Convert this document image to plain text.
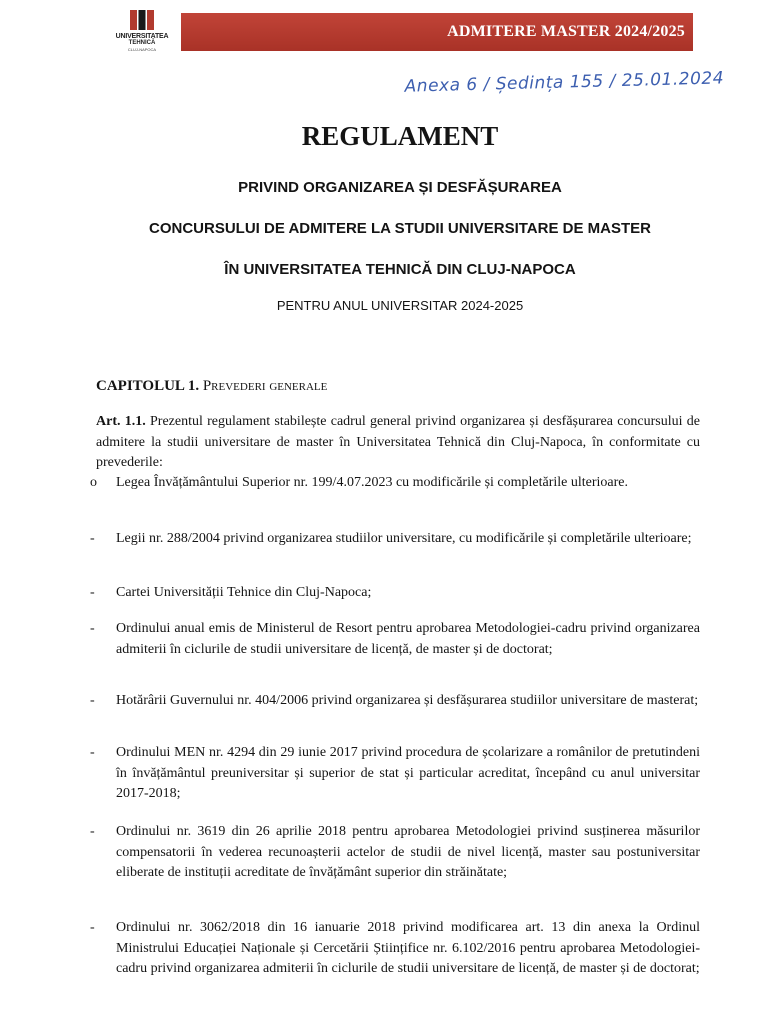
UNIVERSITATEA
TEHNICĂ
CLUJ-NAPOCA
ADMITERE MASTER 2024/2025
Anexa 6 / Ședința 155 / 25.01.2024
REGULAMENT
PRIVIND ORGANIZAREA ȘI DESFĂȘURAREA
CONCURSULUI DE ADMITERE LA STUDII UNIVERSITARE DE MASTER
ÎN UNIVERSITATEA TEHNICĂ DIN CLUJ-NAPOCA
PENTRU ANUL UNIVERSITAR 2024-2025
CAPITOLUL 1. Prevederi generale
Art. 1.1. Prezentul regulament stabilește cadrul general privind organizarea și desfășurarea concursului de admitere la studii universitare de master în Universitatea Tehnică din Cluj-Napoca, în conformitate cu prevederile:
o	Legea Învățământului Superior nr. 199/4.07.2023 cu modificările și completările ulterioare.
-	Legii nr. 288/2004 privind organizarea studiilor universitare, cu modificările și completările ulterioare;
-	Cartei Universității Tehnice din Cluj-Napoca;
-	Ordinului anual emis de Ministerul de Resort pentru aprobarea Metodologiei-cadru privind organizarea admiterii în ciclurile de studii universitare de licență, de master și de doctorat;
-	Hotărârii Guvernului nr. 404/2006 privind organizarea și desfășurarea studiilor universitare de masterat;
-	Ordinului MEN nr. 4294 din 29 iunie 2017 privind procedura de școlarizare a românilor de pretutindeni în învățământul preuniversitar și superior de stat și particular acreditat, începând cu anul universitar 2017-2018;
-	Ordinului nr. 3619 din 26 aprilie 2018 pentru aprobarea Metodologiei privind susținerea măsurilor compensatorii în vederea recunoașterii actelor de studii de nivel licență, master sau postuniversitar eliberate de instituții acreditate de învățământ superior din străinătate;
-	Ordinului nr. 3062/2018 din 16 ianuarie 2018 privind modificarea art. 13 din anexa la Ordinul Ministrului Educației Naționale și Cercetării Științifice nr. 6.102/2016 pentru aprobarea Metodologiei-cadru privind organizarea admiterii în ciclurile de studii universitare de licență, de master și de doctorat;
